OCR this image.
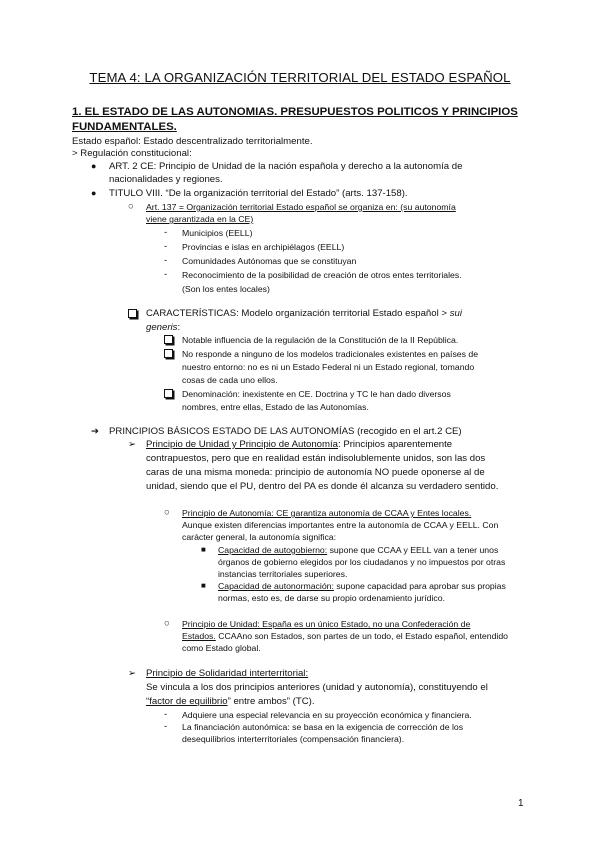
TEMA 4: LA ORGANIZACIÓN TERRITORIAL DEL ESTADO ESPAÑOL
1. EL ESTADO DE LAS AUTONOMIAS. PRESUPUESTOS POLITICOS Y PRINCIPIOS FUNDAMENTALES.
Estado español: Estado descentralizado territorialmente.
> Regulación constitucional:
● ART. 2 CE: Principio de Unidad de la nación española y derecho a la autonomía de
nacionalidades y regiones.
● TITULO VIII. “De la organización territorial del Estado” (arts. 137-158).
○ Art. 137 = Organización territorial Estado español se organiza en: (su autonomía
viene garantizada en la CE)
- Municipios (EELL)
- Provincias e islas en archipiélagos (EELL)
- Comunidades Autónomas que se constituyan
- Reconocimiento de la posibilidad de creación de otros entes territoriales.
(Son los entes locales)
CARACTERÍSTICAS: Modelo organización territorial Estado español > sui
generis:
Notable influencia de la regulación de la Constitución de la II República.
No responde a ninguno de los modelos tradicionales existentes en países de
nuestro entorno: no es ni un Estado Federal ni un Estado regional, tomando
cosas de cada uno ellos.
Denominación: inexistente en CE. Doctrina y TC le han dado diversos
nombres, entre ellas, Estado de las Autonomías.
➔ PRINCIPIOS BÁSICOS ESTADO DE LAS AUTONOMÍAS (recogido en el art.2 CE)
➢ Principio de Unidad y Principio de Autonomía: Principios aparentemente
contrapuestos, pero que en realidad están indisolublemente unidos, son las dos
caras de una misma moneda: principio de autonomía NO puede oponerse al de
unidad, siendo que el PU, dentro del PA es donde él alcanza su verdadero sentido.
○ Principio de Autonomía: CE garantiza autonomía de CCAA y Entes locales.
Aunque existen diferencias importantes entre la autonomía de CCAA y EELL. Con
carácter general, la autonomía significa:
■ Capacidad de autogobierno: supone que CCAA y EELL van a tener unos
órganos de gobierno elegidos por los ciudadanos y no impuestos por otras
instancias territoriales superiores.
■ Capacidad de autonormación: supone capacidad para aprobar sus propias
normas, esto es, de darse su propio ordenamiento jurídico.
○ Principio de Unidad: España es un único Estado, no una Confederación de
Estados. CCAAno son Estados, son partes de un todo, el Estado español, entendido
como Estado global.
➢ Principio de Solidaridad interterritorial:
Se vincula a los dos principios anteriores (unidad y autonomía), constituyendo el
“factor de equilibrio” entre ambos” (TC).
- Adquiere una especial relevancia en su proyección económica y financiera.
- La financiación autonómica: se basa en la exigencia de corrección de los
desequilibrios interterritoriales (compensación financiera).
1
